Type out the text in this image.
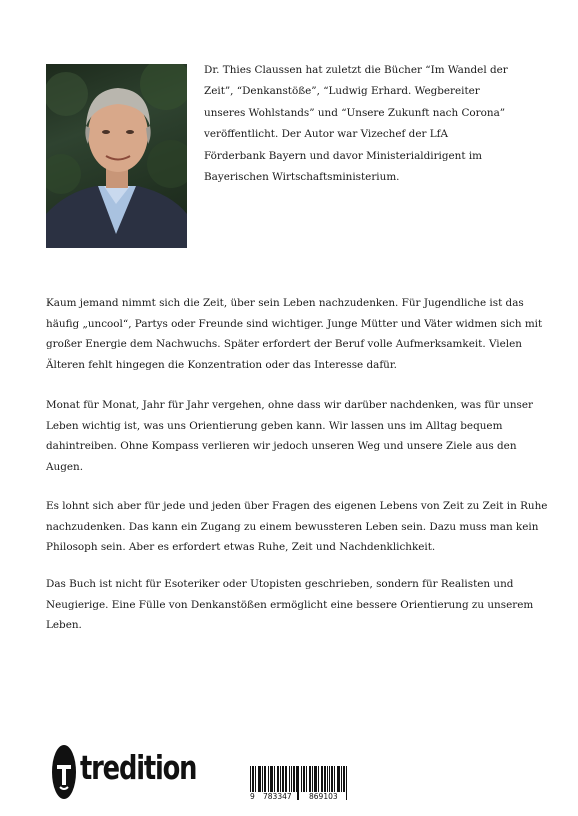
Dr. Thies Claussen hat zuletzt die Bücher “Im Wandel der
Zeit”, “Denkanstöße”, “Ludwig Erhard. Wegbereiter
unseres Wohlstands” und “Unsere Zukunft nach Corona”
veröffentlicht. Der Autor war Vizechef der LfA
Förderbank Bayern und davor Ministerialdirigent im
Bayerischen Wirtschaftsministerium.
Kaum jemand nimmt sich die Zeit, über sein Leben nachzudenken. Für Jugendliche ist das
häufig „uncool“, Partys oder Freunde sind wichtiger. Junge Mütter und Väter widmen sich mit
großer Energie dem Nachwuchs. Später erfordert der Beruf volle Aufmerksamkeit. Vielen
Älteren fehlt hingegen die Konzentration oder das Interesse dafür.
Monat für Monat, Jahr für Jahr vergehen, ohne dass wir darüber nachdenken, was für unser
Leben wichtig ist, was uns Orientierung geben kann. Wir lassen uns im Alltag bequem
dahintreiben. Ohne Kompass verlieren wir jedoch unseren Weg und unsere Ziele aus den
Augen.
Es lohnt sich aber für jede und jeden über Fragen des eigenen Lebens von Zeit zu Zeit in Ruhe
nachzudenken. Das kann ein Zugang zu einem bewussteren Leben sein. Dazu muss man kein
Philosoph sein. Aber es erfordert etwas Ruhe, Zeit und Nachdenklichkeit.
Das Buch ist nicht für Esoteriker oder Utopisten geschrieben, sondern für Realisten und
Neugierige. Eine Fülle von Denkanstößen ermöglicht eine bessere Orientierung zu unserem
Leben.
tredition
9 783347 869103
